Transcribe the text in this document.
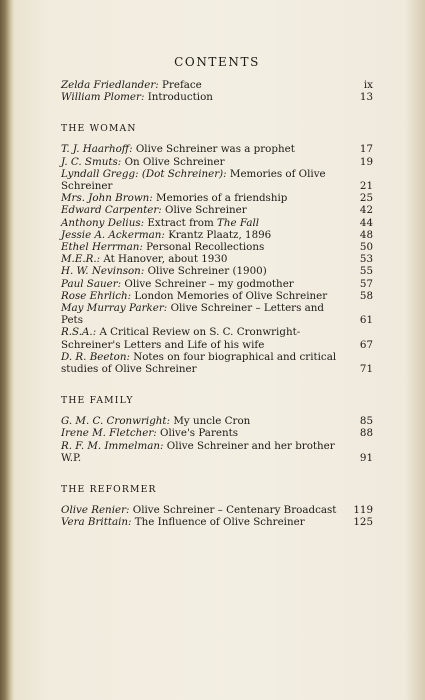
CONTENTS
Zelda Friedlander: Preface	ix
William Plomer: Introduction	13
THE WOMAN
T. J. Haarhoff: Olive Schreiner was a prophet	17
J. C. Smuts: On Olive Schreiner	19
Lyndall Gregg: (Dot Schreiner): Memories of Olive Schreiner	21
Mrs. John Brown: Memories of a friendship	25
Edward Carpenter: Olive Schreiner	42
Anthony Delius: Extract from The Fall	44
Jessie A. Ackerman: Krantz Plaatz, 1896	48
Ethel Herrman: Personal Recollections	50
M.E.R.: At Hanover, about 1930	53
H. W. Nevinson: Olive Schreiner (1900)	55
Paul Sauer: Olive Schreiner – my godmother	57
Rose Ehrlich: London Memories of Olive Schreiner	58
May Murray Parker: Olive Schreiner – Letters and Pets	61
R.S.A.: A Critical Review on S. C. Cronwright-Schreiner's Letters and Life of his wife	67
D. R. Beeton: Notes on four biographical and critical studies of Olive Schreiner	71
THE FAMILY
G. M. C. Cronwright: My uncle Cron	85
Irene M. Fletcher: Olive's Parents	88
R. F. M. Immelman: Olive Schreiner and her brother W.P.	91
THE REFORMER
Olive Renier: Olive Schreiner – Centenary Broadcast 119
Vera Brittain: The Influence of Olive Schreiner	125
